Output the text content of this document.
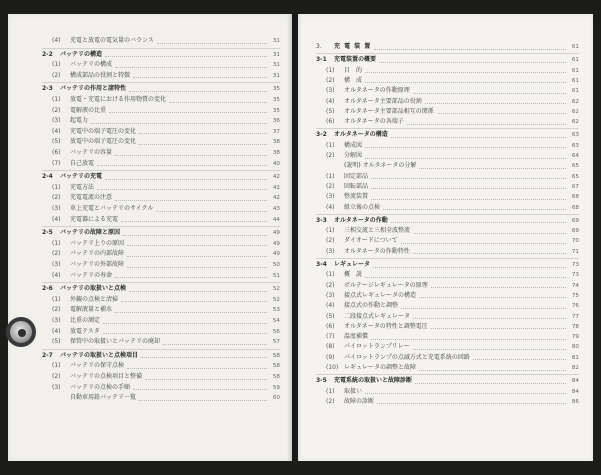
(4)	充電と放電の電気量のバランス	31
2-2	バッテリの構造	31
(1)	バッテリの構成	31
(2)	構成部品の役割と特徴	31
2-3	バッテリの作用と諸特性	35
(1)	放電・充電における作用物質の変化	35
(2)	電解液の比重	35
(3)	起電力	36
(4)	充電中の端子電圧の変化	37
(5)	放電中の端子電圧の変化	38
(6)	バッテリの容量	38
(7)	自己放電	40
2-4	バッテリの充電	42
(1)	充電方法	42
(2)	充電電流の注意	42
(3)	車上充電とバッテリのサイクル	43
(4)	充電器による充電	44
2-5	バッテリの故障と原因	49
(1)	バッテリ上りの原因	49
(2)	バッテリの内部故障	49
(3)	バッテリの外部故障	50
(4)	バッテリの寿命	51
2-6	バッテリの取扱いと点検	52
(1)	外観の点検と清掃	52
(2)	電解液量と補水	53
(3)	比重の測定	54
(4)	放電テスタ	56
(5)	保管中の取扱いとバッテリの廃却	57
2-7	バッテリの取扱いと点検項目	58
(1)	バッテリの保守点検	58
(2)	バッテリの点検項目と整備	58
(3)	バッテリの点検の手順	59
自動車用鉛バッテリ一覧	60
3.	充 電 装 置	61
3-1	充電装置の概要	61
(1)	目　的	61
(2)	構　成	61
(3)	オルタネータの作動原理	61
(4)	オルタネータ主要部品の役割	62
(5)	オルタネータ主要部品相互の関係	62
(6)	オルタネータの各端子	62
3-2	オルタネータの構造	63
(1)	構成図	63
(2)	分解図	64
(説明) オルタネータの分解	65
(1)	固定部品	65
(2)	回転部品	67
(3)	整流装置	68
(4)	組立後の点検	68
3-3	オルタネータの作動	69
(1)	三相交流と三相全波整流	69
(2)	ダイオードについて	70
(3)	オルタネータの作動特性	71
3-4	レギュレータ	73
(1)	概　説	73
(2)	ボルテージレギュレータの原理	74
(3)	接点式レギュレータの構造	75
(4)	接点式の作動と調整	76
(5)	二段接点式レギュレータ	77
(6)	オルタネータの特性と調整電圧	78
(7)	温度補償	79
(8)	パイロットランプリレー	80
(9)	パイロットランプの点滅方式と充電系統の回路	81
(10) レギュレータの調整と故障	82
3-5	充電系統の取扱いと故障診断	84
(1)	取扱い	84
(2)	故障の診断	86
